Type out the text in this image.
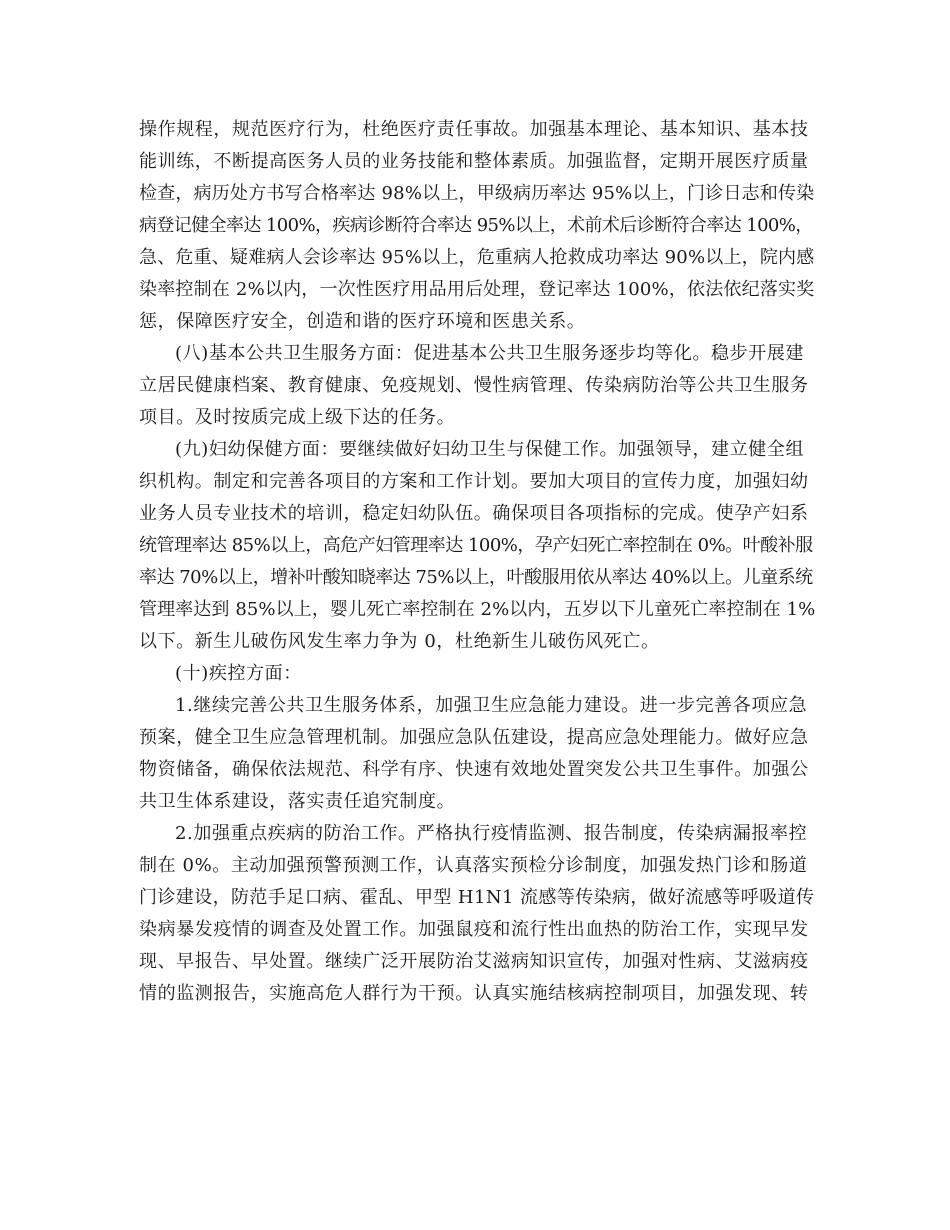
操作规程，规范医疗行为，杜绝医疗责任事故。加强基本理论、基本知识、基本技
能训练，不断提高医务人员的业务技能和整体素质。加强监督，定期开展医疗质量
检查，病历处方书写合格率达 98%以上，甲级病历率达 95%以上，门诊日志和传染
病登记健全率达 100%，疾病诊断符合率达 95%以上，术前术后诊断符合率达 100%，
急、危重、疑难病人会诊率达 95%以上，危重病人抢救成功率达 90%以上，院内感
染率控制在 2%以内，一次性医疗用品用后处理，登记率达 100%，依法依纪落实奖
惩，保障医疗安全，创造和谐的医疗环境和医患关系。
(八)基本公共卫生服务方面：促进基本公共卫生服务逐步均等化。稳步开展建
立居民健康档案、教育健康、免疫规划、慢性病管理、传染病防治等公共卫生服务
项目。及时按质完成上级下达的任务。
(九)妇幼保健方面：要继续做好妇幼卫生与保健工作。加强领导，建立健全组
织机构。制定和完善各项目的方案和工作计划。要加大项目的宣传力度，加强妇幼
业务人员专业技术的培训，稳定妇幼队伍。确保项目各项指标的完成。使孕产妇系
统管理率达 85%以上，高危产妇管理率达 100%，孕产妇死亡率控制在 0%。叶酸补服
率达 70%以上，增补叶酸知晓率达 75%以上，叶酸服用依从率达 40%以上。儿童系统
管理率达到 85%以上，婴儿死亡率控制在 2%以内，五岁以下儿童死亡率控制在 1%
以下。新生儿破伤风发生率力争为 0，杜绝新生儿破伤风死亡。
(十)疾控方面：
1.继续完善公共卫生服务体系，加强卫生应急能力建设。进一步完善各项应急
预案，健全卫生应急管理机制。加强应急队伍建设，提高应急处理能力。做好应急
物资储备，确保依法规范、科学有序、快速有效地处置突发公共卫生事件。加强公
共卫生体系建设，落实责任追究制度。
2.加强重点疾病的防治工作。严格执行疫情监测、报告制度，传染病漏报率控
制在 0%。主动加强预警预测工作，认真落实预检分诊制度，加强发热门诊和肠道
门诊建设，防范手足口病、霍乱、甲型 H1N1 流感等传染病，做好流感等呼吸道传
染病暴发疫情的调查及处置工作。加强鼠疫和流行性出血热的防治工作，实现早发
现、早报告、早处置。继续广泛开展防治艾滋病知识宣传，加强对性病、艾滋病疫
情的监测报告，实施高危人群行为干预。认真实施结核病控制项目，加强发现、转
